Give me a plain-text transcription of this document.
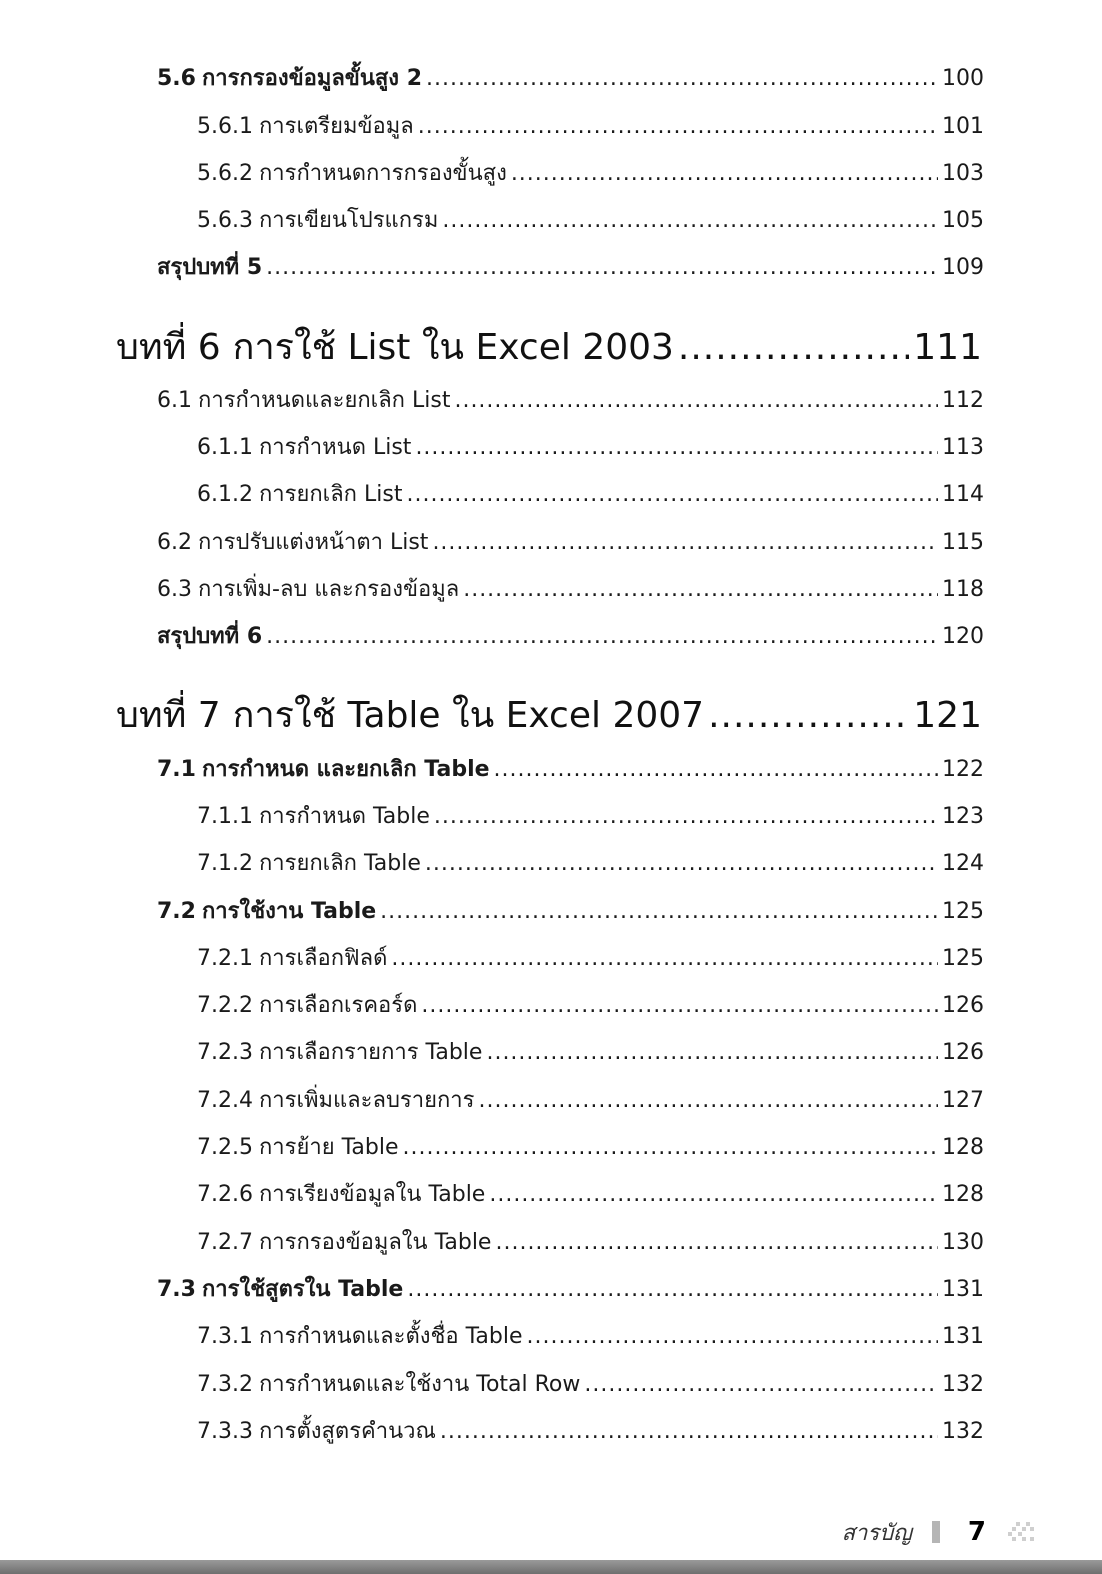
5.6 การกรองข้อมูลขั้นสูง 2 .....	100
5.6.1 การเตรียมข้อมูล .....	101
5.6.2 การกำหนดการกรองขั้นสูง .....	103
5.6.3 การเขียนโปรแกรม .....	105
สรุปบทที่ 5 .....	109
บทที่ 6 การใช้ List ใน Excel 2003 .....	111
6.1 การกำหนดและยกเลิก List .....	112
6.1.1 การกำหนด List .....	113
6.1.2 การยกเลิก List .....	114
6.2 การปรับแต่งหน้าตา List .....	115
6.3 การเพิ่ม-ลบ และกรองข้อมูล .....	118
สรุปบทที่ 6 .....	120
บทที่ 7 การใช้ Table ใน Excel 2007 .....	121
7.1 การกำหนด และยกเลิก Table .....	122
7.1.1 การกำหนด Table .....	123
7.1.2 การยกเลิก Table .....	124
7.2 การใช้งาน Table .....	125
7.2.1 การเลือกฟิลด์ .....	125
7.2.2 การเลือกเรคอร์ด .....	126
7.2.3 การเลือกรายการ Table .....	126
7.2.4 การเพิ่มและลบรายการ .....	127
7.2.5 การย้าย Table .....	128
7.2.6 การเรียงข้อมูลใน Table .....	128
7.2.7 การกรองข้อมูลใน Table .....	130
7.3 การใช้สูตรใน Table .....	131
7.3.1 การกำหนดและตั้งชื่อ Table .....	131
7.3.2 การกำหนดและใช้งาน Total Row .....	132
7.3.3 การตั้งสูตรคำนวณ .....	132
สารบัญ 7
